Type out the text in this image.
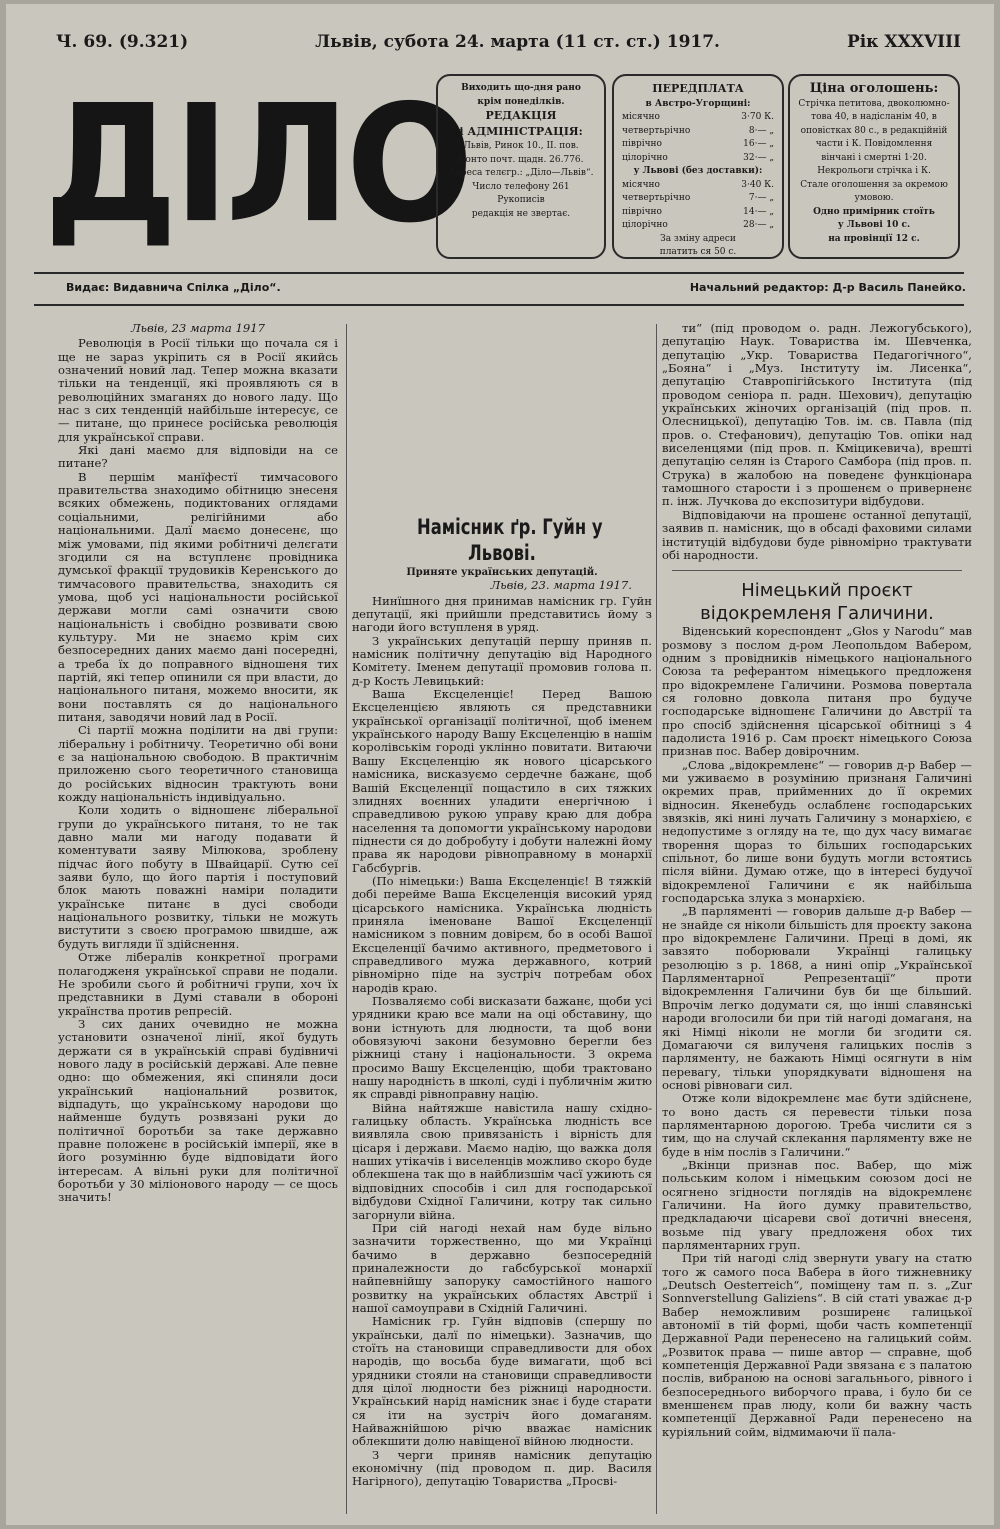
Ч. 69. (9.321)	Львів, субота 24. марта (11 ст. ст.) 1917.	Рік XXXVIII
ДІЛО
Виходить що-дня рано
крім понеділків.
РЕДАКЦІЯ
і АДМІНІСТРАЦІЯ:
Львів, Ринок 10., II. пов.
Конто почт. щадн. 26.776.
Адреса телєгр.: „Діло—Львів“.
Число телефону 261
Рукописів
редакція не звертає.
ПЕРЕДПЛАТА
в Австро-Угорщині:
місячно	3·70 К.
четвертьрічно	8·— „
піврічно	16·— „
цілорічно	32·— „
у Львові (без доставки):
місячно	3·40 К.
четвертьрічно	7·— „
піврічно	14·— „
цілорічно	28·— „
За зміну адреси
платить ся 50 с.
Ціна оголошень:
Стрічка петитова, двоколюмно-
това 40, в надісланім 40, в
оповістках 80 с., в редакційній
части і К. Повідомлення
вінчані і смертні 1·20.
Некрольоги стрічка і К.
Стале оголошення за окремою
умовою.
Одно примірник стоїть
у Львові 10 с.
на провінції 12 с.
Видає: Видавнича Спілка „Діло“.	Начальний редактор: Д-р Василь Панейко.

Львів, 23 марта 1917

Революція в Росії тільки що почала ся і ще не зараз укріпить ся в Росії якийсь означений новий лад. Тепер можна вказати тільки на тенденції, які проявляють ся в революційних змаганях до нового ладу. Що нас з сих тенденцій найбільше інтересує, се — питане, що принесе російська революція для української справи.

Які дані маємо для відповіди на се питане?

В першім манїфестї тимчасового правительства знаходимо обітницю знесеня всяких обмежень, подиктованих оглядами соціальними, релігійними або національними. Далї маємо донесенє, що між умовами, під якими робітничі делєгати згодили ся на вступленє провідника думської фракції трудовиків Керенського до тимчасового правительства, знаходить ся умова, щоб усі національности російської держави могли самі означити свою національність і свобідно розвивати свою культуру. Ми не знаємо крім сих безпосередних даних маємо дані посередні, а треба їх до поправного відношеня тих партій, які тепер опинили ся при власти, до національного питаня, можемо вносити, як вони поставлять ся до національного питаня, заводячи новий лад в Росії.

Сі партії можна поділити на дві групи: ліберальну і робітничу. Теоретично обі вони є за національною свободою. В практичнім приложеню сього теоретичного становища до російських відносин трактують вони кожду національність індивідуально.

Коли ходить о відношенє ліберальної групи до українського питаня, то не так давно мали ми нагоду подавати й коментувати заяву Мілюкова, зроблену підчас його побуту в Швайцарії. Сутю сеї заяви було, що його партія і поступовий блок мають поважні наміри поладити українське питанє в дусі свободи національного розвитку, тільки не можуть вистутити з своєю програмою швидше, аж будуть вигляди її здійснення.

Отже лібералів конкретної програми полагодженя української справи не подали. Не зробили сього й робітничі групи, хоч їх представники в Думі ставали в обороні українства против репресій.

З сих даних очевидно не можна установити означеної лінії, якої будуть держати ся в українській справі будівничі нового ладу в російській державі. Але певне одно: що обмежения, які спиняли доси український національний розвиток, відпадуть, що українському народови що найменше будуть розвязані руки до політичної боротьби за таке державно правне положенє в російській імперії, яке в його розумінню буде відповідати його інтересам. А вільні руки для політичної боротьби у 30 міліонового народу — се щось значить!

Намісник ґр. Гуйн у Львові.

Приняте українських депутацій.

Львів, 23. марта 1917.

Нинїшного дня принимав намісник гр. Гуйн депутації, які прийшли представитись йому з нагоди його вступленя в уряд.

З українських депутацій першу приняв п. намісник політичну депутацію від Народного Комітету. Іменем депутації промовив голова п. д-р Кость Левицький:

Ваша Ексцеленціє! Перед Вашою Ексцеленцією являють ся представники української організації політичної, щоб іменем українського народу Вашу Ексцеленцію в нашім королівськім городі уклінно повитати. Витаючи Вашу Ексцеленцію як нового цісарського намісника, висказуємо сердечне бажанє, щоб Вашій Ексцеленції пощастило в сих тяжких злиднях воєнних уладити енергічною і справедливою рукою управу краю для добра населення та допомогти українському народови піднести ся до добробуту і добути належні йому права як народови рівноправному в монархії Габсбургів.

(По німецьки:) Ваша Ексцеленціє! В тяжкій добі перейме Ваша Ексцеленція високий уряд цісарського намісника. Українська людність приняла іменоване Вашої Ексцеленції намісником з повним довірєм, бо в особі Вашої Ексцеленції бачимо активного, предметового і справедливого мужа державного, котрий рівномірно піде на зустріч потребам обох народів краю.

Позваляємо собі висказати бажанє, щоби усі урядники краю все мали на оці обставину, що вони істнують для людности, та щоб вони обовязуючі закони безумовно берегли без ріжниці стану і національности. З окрема просимо Вашу Ексцеленцію, щоби трактовано нашу народність в школі, суді і публичнім житю як справді рівноправну націю.

Війна найтяжше навістила нашу східно-галицьку область. Українська людність все виявляла свою привязаність і вірність для цісаря і держави. Маємо надію, що важка доля наших утікачів і виселенців можливо скоро буде облекшена так що в найблизшім часї ужиють ся відповідних способів і сил для господарської відбудови Східної Галичини, котру так сильно загорнули війна.

При сій нагоді нехай нам буде вільно зазначити торжественно, що ми Українці бачимо в державно безпосередній приналежности до габсбурської монархії найпевнійшу запоруку самостійного нашого розвитку на українських областях Австрії і нашої самоуправи в Східній Галичині.

Намісник гр. Гуйн відповів (спершу по українськи, далї по німецьки). Зазначив, що стоїть на становищи справедливости для обох народів, що восьба буде вимагати, щоб всі урядники стояли на становищи справедливости для цілої людности без ріжниці народности. Український нарід намісник знає і буде старати ся іти на зустріч його домаганям. Найважнійшою річю вважає намісник облекшити долю навіщеної війною людности.

З черги приняв намісник депутацію економічну (під проводом п. дир. Василя Нагірного), депутацію Товариства „Просві-

ти“ (під проводом о. радн. Лежогубського), депутацію Наук. Товариства ім. Шевченка, депутацію „Укр. Товариства Педагогічного“, „Бояна“ і „Муз. Інституту ім. Лисенка“, депутацію Ставропігійського Інститута (під проводом сеніора п. радн. Шехович), депутацію українських жіночих організацій (під пров. п. Олесницької), депутацію Тов. ім. св. Павла (під пров. о. Стефанович), депутацію Тов. опіки над виселенцями (під пров. п. Кміцикевича), врешті депутацію селян із Старого Самбора (під пров. п. Струка) в жалобою на поведенє функціонара тамошного старости і з прошенєм о приверненє п. інж. Лучкова до експозитури відбудови.

Відповідаючи на прошенє останної депутації, заявив п. намісник, що в обсаді фаховими силами інституцій відбудови буде рівномірно трактувати обі народности.

Німецький проєкт відокремленя Галичини.

Віденський кореспондент „Głos у Narodu“ мав розмову з послом д-ром Леопольдом Вабером, одним з провідників німецького національного Союза та реферантом німецького предложеня про відокремлене Галичини. Розмова повертала ся головно довкола питаня про будуче господарське відношенє Галичини до Австрії та про спосіб здійснення цісарської обітниці з 4 падолиста 1916 р. Сам проєкт німецького Союза признав пос. Вабер довірочним.

„Слова „відокремленє“ — говорив д-р Вабер — ми уживаємо в розумінию признаня Галичині окремих прав, прийменних до її окремих відносин. Якенебудь ослабленє господарських звязків, які нині лучать Галичину з монархією, є недопустиме з огляду на те, що дух часу вимагає творення щораз то більших господарських спільнот, бо лише вони будуть могли встоятись після війни. Думаю отже, що в інтересі будучої відокремленої Галичини є як найбільша господарська злука з монархією.

„В парляменті — говорив дальше д-р Вабер — не знайде ся ніколи більшість для проєкту закона про відокремленє Галичини. Преці в домі, як завзято поборювали Українці галицьку резолюцію з р. 1868, а нині опір „Української Парляментарної Репрезентації“ проти відокремлення Галичини був би ще більший. Впрочім легко додумати ся, що інші славянські народи вголосили би при тій нагоді домаганя, на які Німці ніколи не могли би згодити ся. Домагаючи ся вилученя галицьких послів з парляменту, не бажають Німці осягнути в нім перевагу, тільки упорядкувати відношеня на основі рівноваги сил.

Отже коли відокремленє має бути здійснене, то воно дасть ся перевести тільки поза парляментарною дорогою. Треба числити ся з тим, що на случай склекання парляменту вже не буде в нім послів з Галичини.“

„Вкінци признав пос. Вабер, що між польським колом і німецьким союзом досі не осягнено згідности поглядів на відокремленє Галичини. На його думку правительство, предкладаючи цісареви свої дотичні внесеня, возьме під увагу предложеня обох тих парляментарних груп.

При тій нагоді слід звернути увагу на статю того ж самого поса Вабера в його тижневнику „Deutsch Oesterreich“, поміщену там п. з. „Zur Sonnverstellung Galiziens“. В сій статі уважає д-р Вабер неможливим розширенє галицької автономії в тій формі, щоби часть компетенції Державної Ради перенесено на галицький сойм. „Розвиток права — пише автор — справне, щоб компетенція Державної Ради звязана є з палатою послів, вибраною на основі загальнього, рівного і безпосереднього виборчого права, і було би се вменшенєм прав люду, коли би важну часть компетенції Державної Ради перенесено на куріяльний сойм, відмимаючи її пала-
